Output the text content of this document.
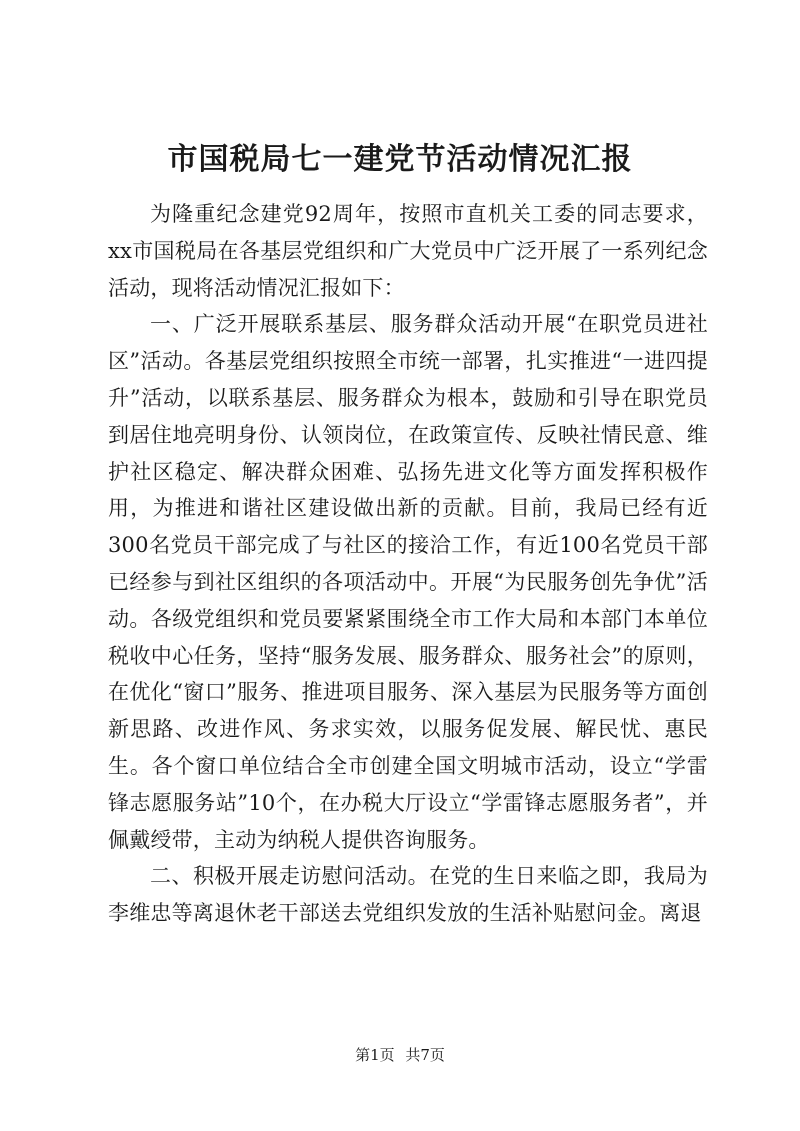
市国税局七一建党节活动情况汇报

为隆重纪念建党92周年，按照市直机关工委的同志要求，xx市国税局在各基层党组织和广大党员中广泛开展了一系列纪念活动，现将活动情况汇报如下：

一、广泛开展联系基层、服务群众活动开展“在职党员进社区”活动。各基层党组织按照全市统一部署，扎实推进“一进四提升”活动，以联系基层、服务群众为根本，鼓励和引导在职党员到居住地亮明身份、认领岗位，在政策宣传、反映社情民意、维护社区稳定、解决群众困难、弘扬先进文化等方面发挥积极作用，为推进和谐社区建设做出新的贡献。目前，我局已经有近300名党员干部完成了与社区的接洽工作，有近100名党员干部已经参与到社区组织的各项活动中。开展“为民服务创先争优”活动。各级党组织和党员要紧紧围绕全市工作大局和本部门本单位税收中心任务，坚持“服务发展、服务群众、服务社会”的原则，在优化“窗口”服务、推进项目服务、深入基层为民服务等方面创新思路、改进作风、务求实效，以服务促发展、解民忧、惠民生。各个窗口单位结合全市创建全国文明城市活动，设立“学雷锋志愿服务站”10个，在办税大厅设立“学雷锋志愿服务者”，并佩戴绶带，主动为纳税人提供咨询服务。

二、积极开展走访慰问活动。在党的生日来临之即，我局为李维忠等离退休老干部送去党组织发放的生活补贴慰问金。离退

第1页 共7页
